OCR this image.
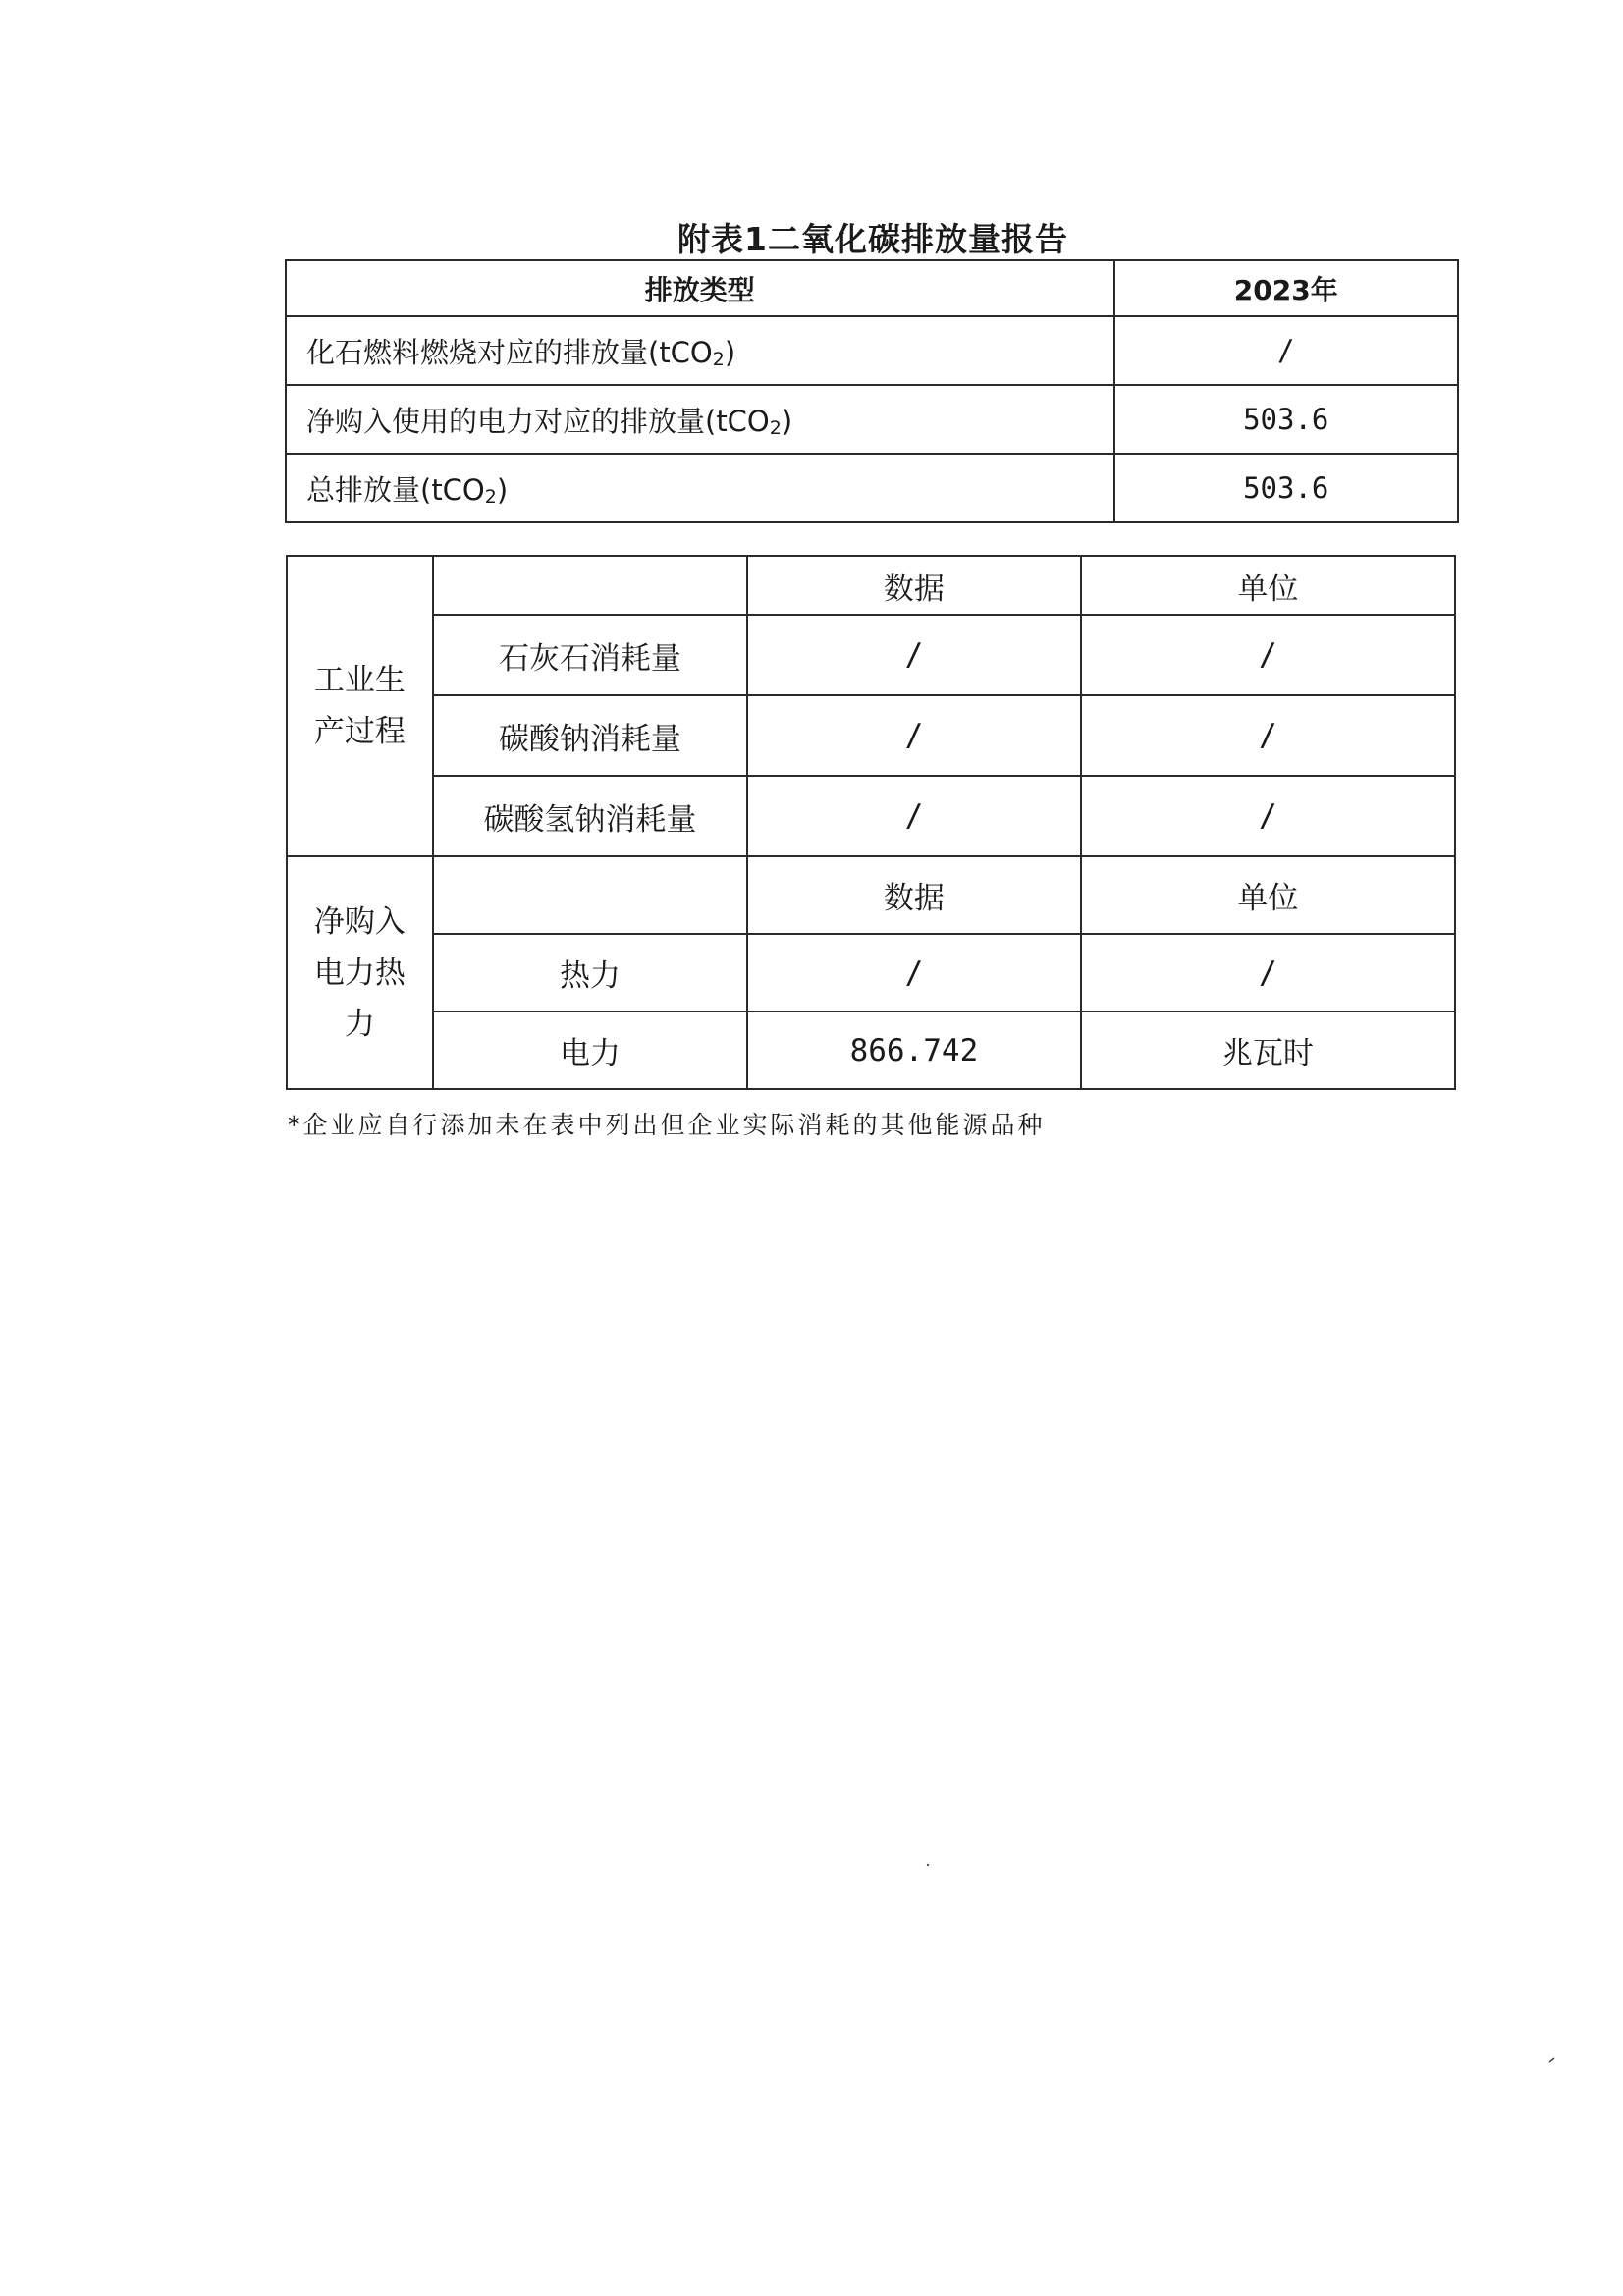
附表1二氧化碳排放量报告
排放类型	2023年
化石燃料燃烧对应的排放量(tCO$_2$)	/
净购入使用的电力对应的排放量(tCO$_2$)	503.6
总排放量(tCO$_2$)	503.6
工业生
产过程		数据	单位
	石灰石消耗量	/	/
	碳酸钠消耗量	/	/
	碳酸氢钠消耗量	/	/

净购入
电力热
力		数据	单位
	热力	/	/
	电力	866.742	兆瓦时
*企业应自行添加未在表中列出但企业实际消耗的其他能源品种
